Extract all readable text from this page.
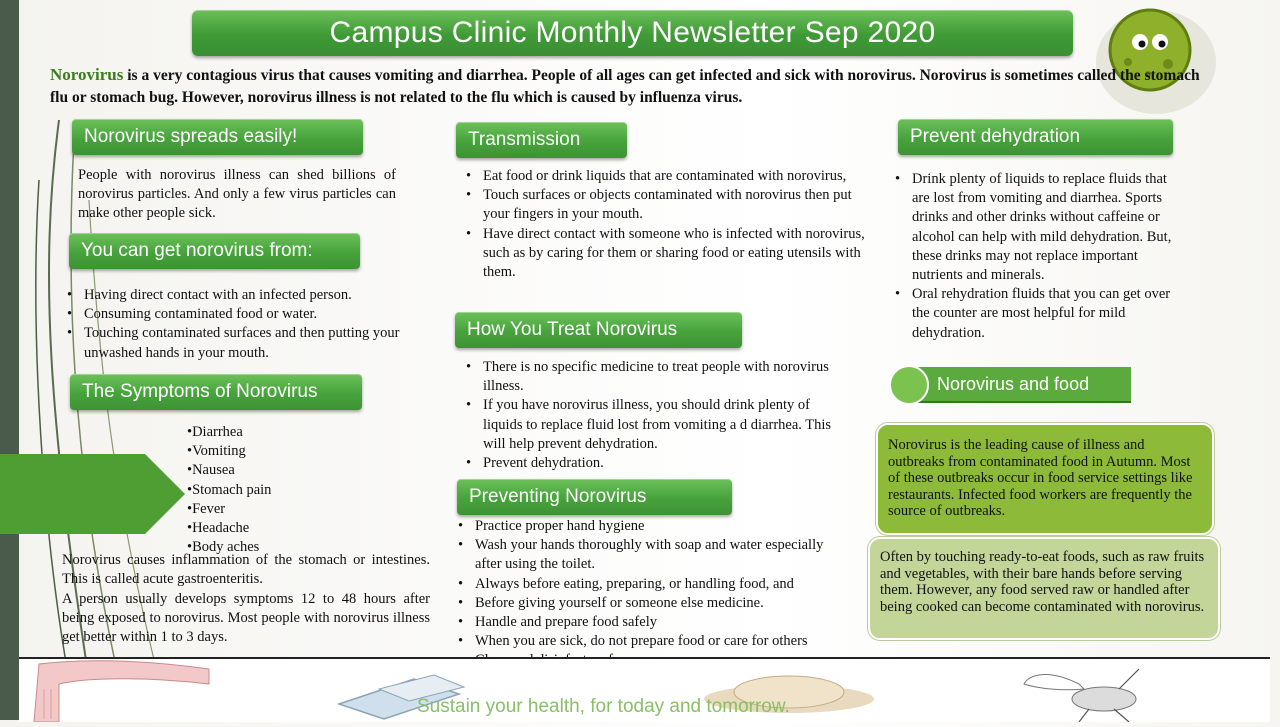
Campus Clinic Monthly Newsletter Sep 2020
Norovirus is a very contagious virus that causes vomiting and diarrhea. People of all ages can get infected and sick with norovirus. Norovirus is sometimes called the stomach flu or stomach bug. However, norovirus illness is not related to the flu which is caused by influenza virus.
Norovirus spreads easily!
People with norovirus illness can shed billions of norovirus particles. And only a few virus particles can make other people sick.
You can get norovirus from:
• Having direct contact with an infected person.
• Consuming contaminated food or water.
• Touching contaminated surfaces and then putting your unwashed hands in your mouth.
The Symptoms of Norovirus
• Diarrhea
• Vomiting
• Nausea
• Stomach pain
• Fever
• Headache
• Body aches
Norovirus causes inflammation of the stomach or intestines. This is called acute gastroenteritis.
A person usually develops symptoms 12 to 48 hours after being exposed to norovirus. Most people with norovirus illness get better within 1 to 3 days.
Transmission
• Eat food or drink liquids that are contaminated with norovirus,
• Touch surfaces or objects contaminated with norovirus then put your fingers in your mouth.
• Have direct contact with someone who is infected with norovirus, such as by caring for them or sharing food or eating utensils with them.
How You Treat Norovirus
• There is no specific medicine to treat people with norovirus illness.
• If you have norovirus illness, you should drink plenty of liquids to replace fluid lost from vomiting a d diarrhea. This will help prevent dehydration.
• Prevent dehydration.
Preventing Norovirus
• Practice proper hand hygiene
• Wash your hands thoroughly with soap and water especially after using the toilet.
• Always before eating, preparing, or handling food, and
• Before giving yourself or someone else medicine.
• Handle and prepare food safely
• When you are sick, do not prepare food or care for others
•
•
Prevent dehydration
• Drink plenty of liquids to replace fluids that are lost from vomiting and diarrhea. Sports drinks and other drinks without caffeine or alcohol can help with mild dehydration. But, these drinks may not replace important nutrients and minerals.
• Oral rehydration fluids that you can get over the counter are most helpful for mild dehydration.
Norovirus and food
Norovirus is the leading cause of illness and outbreaks from contaminated food in Autumn. Most of these outbreaks occur in food service settings like restaurants. Infected food workers are frequently the source of outbreaks.
Often by touching ready-to-eat foods, such as raw fruits and vegetables, with their bare hands before serving them. However, any food served raw or handled after being cooked can become contaminated with norovirus.
Sustain your health, for today and tomorrow.
